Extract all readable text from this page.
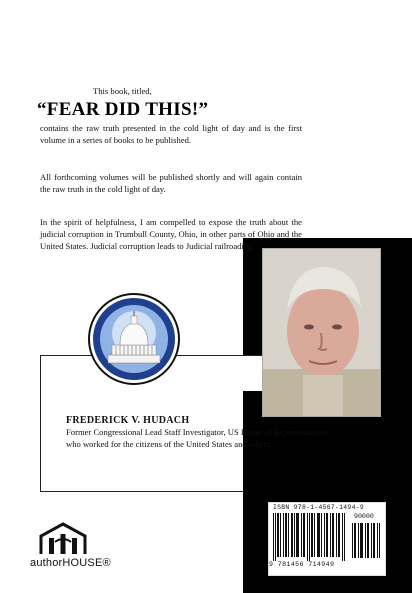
This book, titled,
“FEAR DID THIS!”
contains the raw truth presented in the cold light of day and is the first volume in a series of books to be published.
All forthcoming volumes will be published shortly and will again contain the raw truth in the cold light of day.
In the spirit of helpfulness, I am compelled to expose the truth about the judicial corruption in Trumbull County, Ohio, in other parts of Ohio and the United States. Judicial corruption leads to Judicial railroading.
FREDERICK V. HUDACH
Former Congressional Lead Staff Investigator, US House of Representatives who worked for the citizens of the United States and others.
authorHOUSE®
ISBN 978-1-4567-1494-9
9 781456 714949
90000
